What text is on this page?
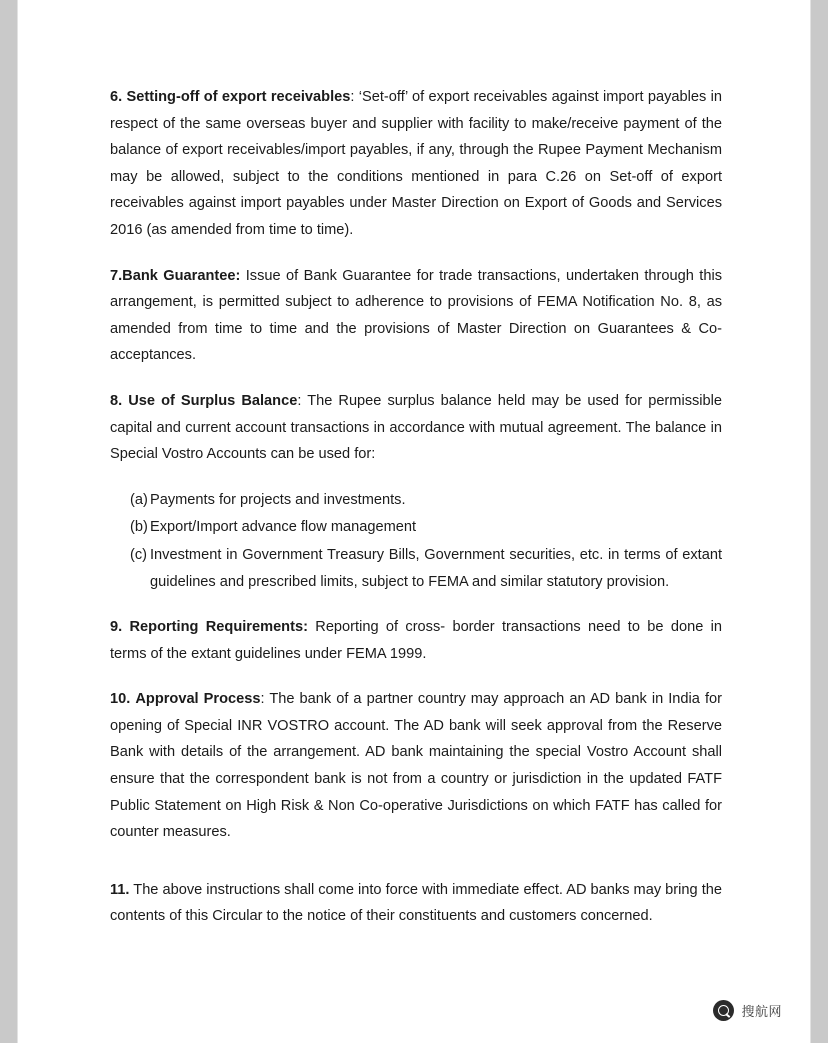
6. Setting-off of export receivables: ‘Set-off’ of export receivables against import payables in respect of the same overseas buyer and supplier with facility to make/receive payment of the balance of export receivables/import payables, if any, through the Rupee Payment Mechanism may be allowed, subject to the conditions mentioned in para C.26 on Set-off of export receivables against import payables under Master Direction on Export of Goods and Services 2016 (as amended from time to time).

7.Bank Guarantee: Issue of Bank Guarantee for trade transactions, undertaken through this arrangement, is permitted subject to adherence to provisions of FEMA Notification No. 8, as amended from time to time and the provisions of Master Direction on Guarantees & Co-acceptances.

8. Use of Surplus Balance: The Rupee surplus balance held may be used for permissible capital and current account transactions in accordance with mutual agreement. The balance in Special Vostro Accounts can be used for:

(a) Payments for projects and investments.
(b) Export/Import advance flow management
(c) Investment in Government Treasury Bills, Government securities, etc. in terms of extant guidelines and prescribed limits, subject to FEMA and similar statutory provision.

9. Reporting Requirements: Reporting of cross- border transactions need to be done in terms of the extant guidelines under FEMA 1999.

10. Approval Process: The bank of a partner country may approach an AD bank in India for opening of Special INR VOSTRO account. The AD bank will seek approval from the Reserve Bank with details of the arrangement. AD bank maintaining the special Vostro Account shall ensure that the correspondent bank is not from a country or jurisdiction in the updated FATF Public Statement on High Risk & Non Co-operative Jurisdictions on which FATF has called for counter measures.

11. The above instructions shall come into force with immediate effect. AD banks may bring the contents of this Circular to the notice of their constituents and customers concerned.

搜航网
